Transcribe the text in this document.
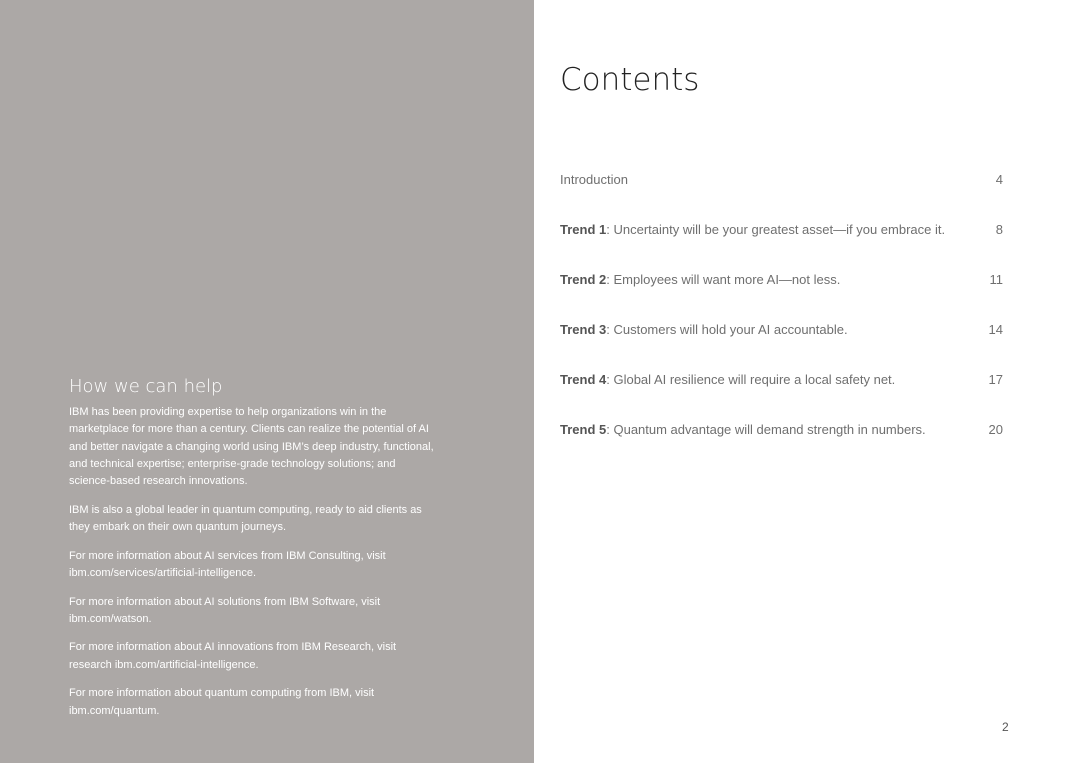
How we can help

IBM has been providing expertise to help organizations win in the marketplace for more than a century. Clients can realize the potential of AI and better navigate a changing world using IBM’s deep industry, functional, and technical expertise; enterprise-grade technology solutions; and science-based research innovations.

IBM is also a global leader in quantum computing, ready to aid clients as they embark on their own quantum journeys.

For more information about AI services from IBM Consulting, visit ibm.com/services/artificial-intelligence.

For more information about AI solutions from IBM Software, visit ibm.com/watson.

For more information about AI innovations from IBM Research, visit research ibm.com/artificial-intelligence.

For more information about quantum computing from IBM, visit ibm.com/quantum.

Contents
Introduction	4
Trend 1: Uncertainty will be your greatest asset—if you embrace it.	8
Trend 2: Employees will want more AI—not less.	11
Trend 3: Customers will hold your AI accountable.	14
Trend 4: Global AI resilience will require a local safety net.	17
Trend 5: Quantum advantage will demand strength in numbers.	20
2
